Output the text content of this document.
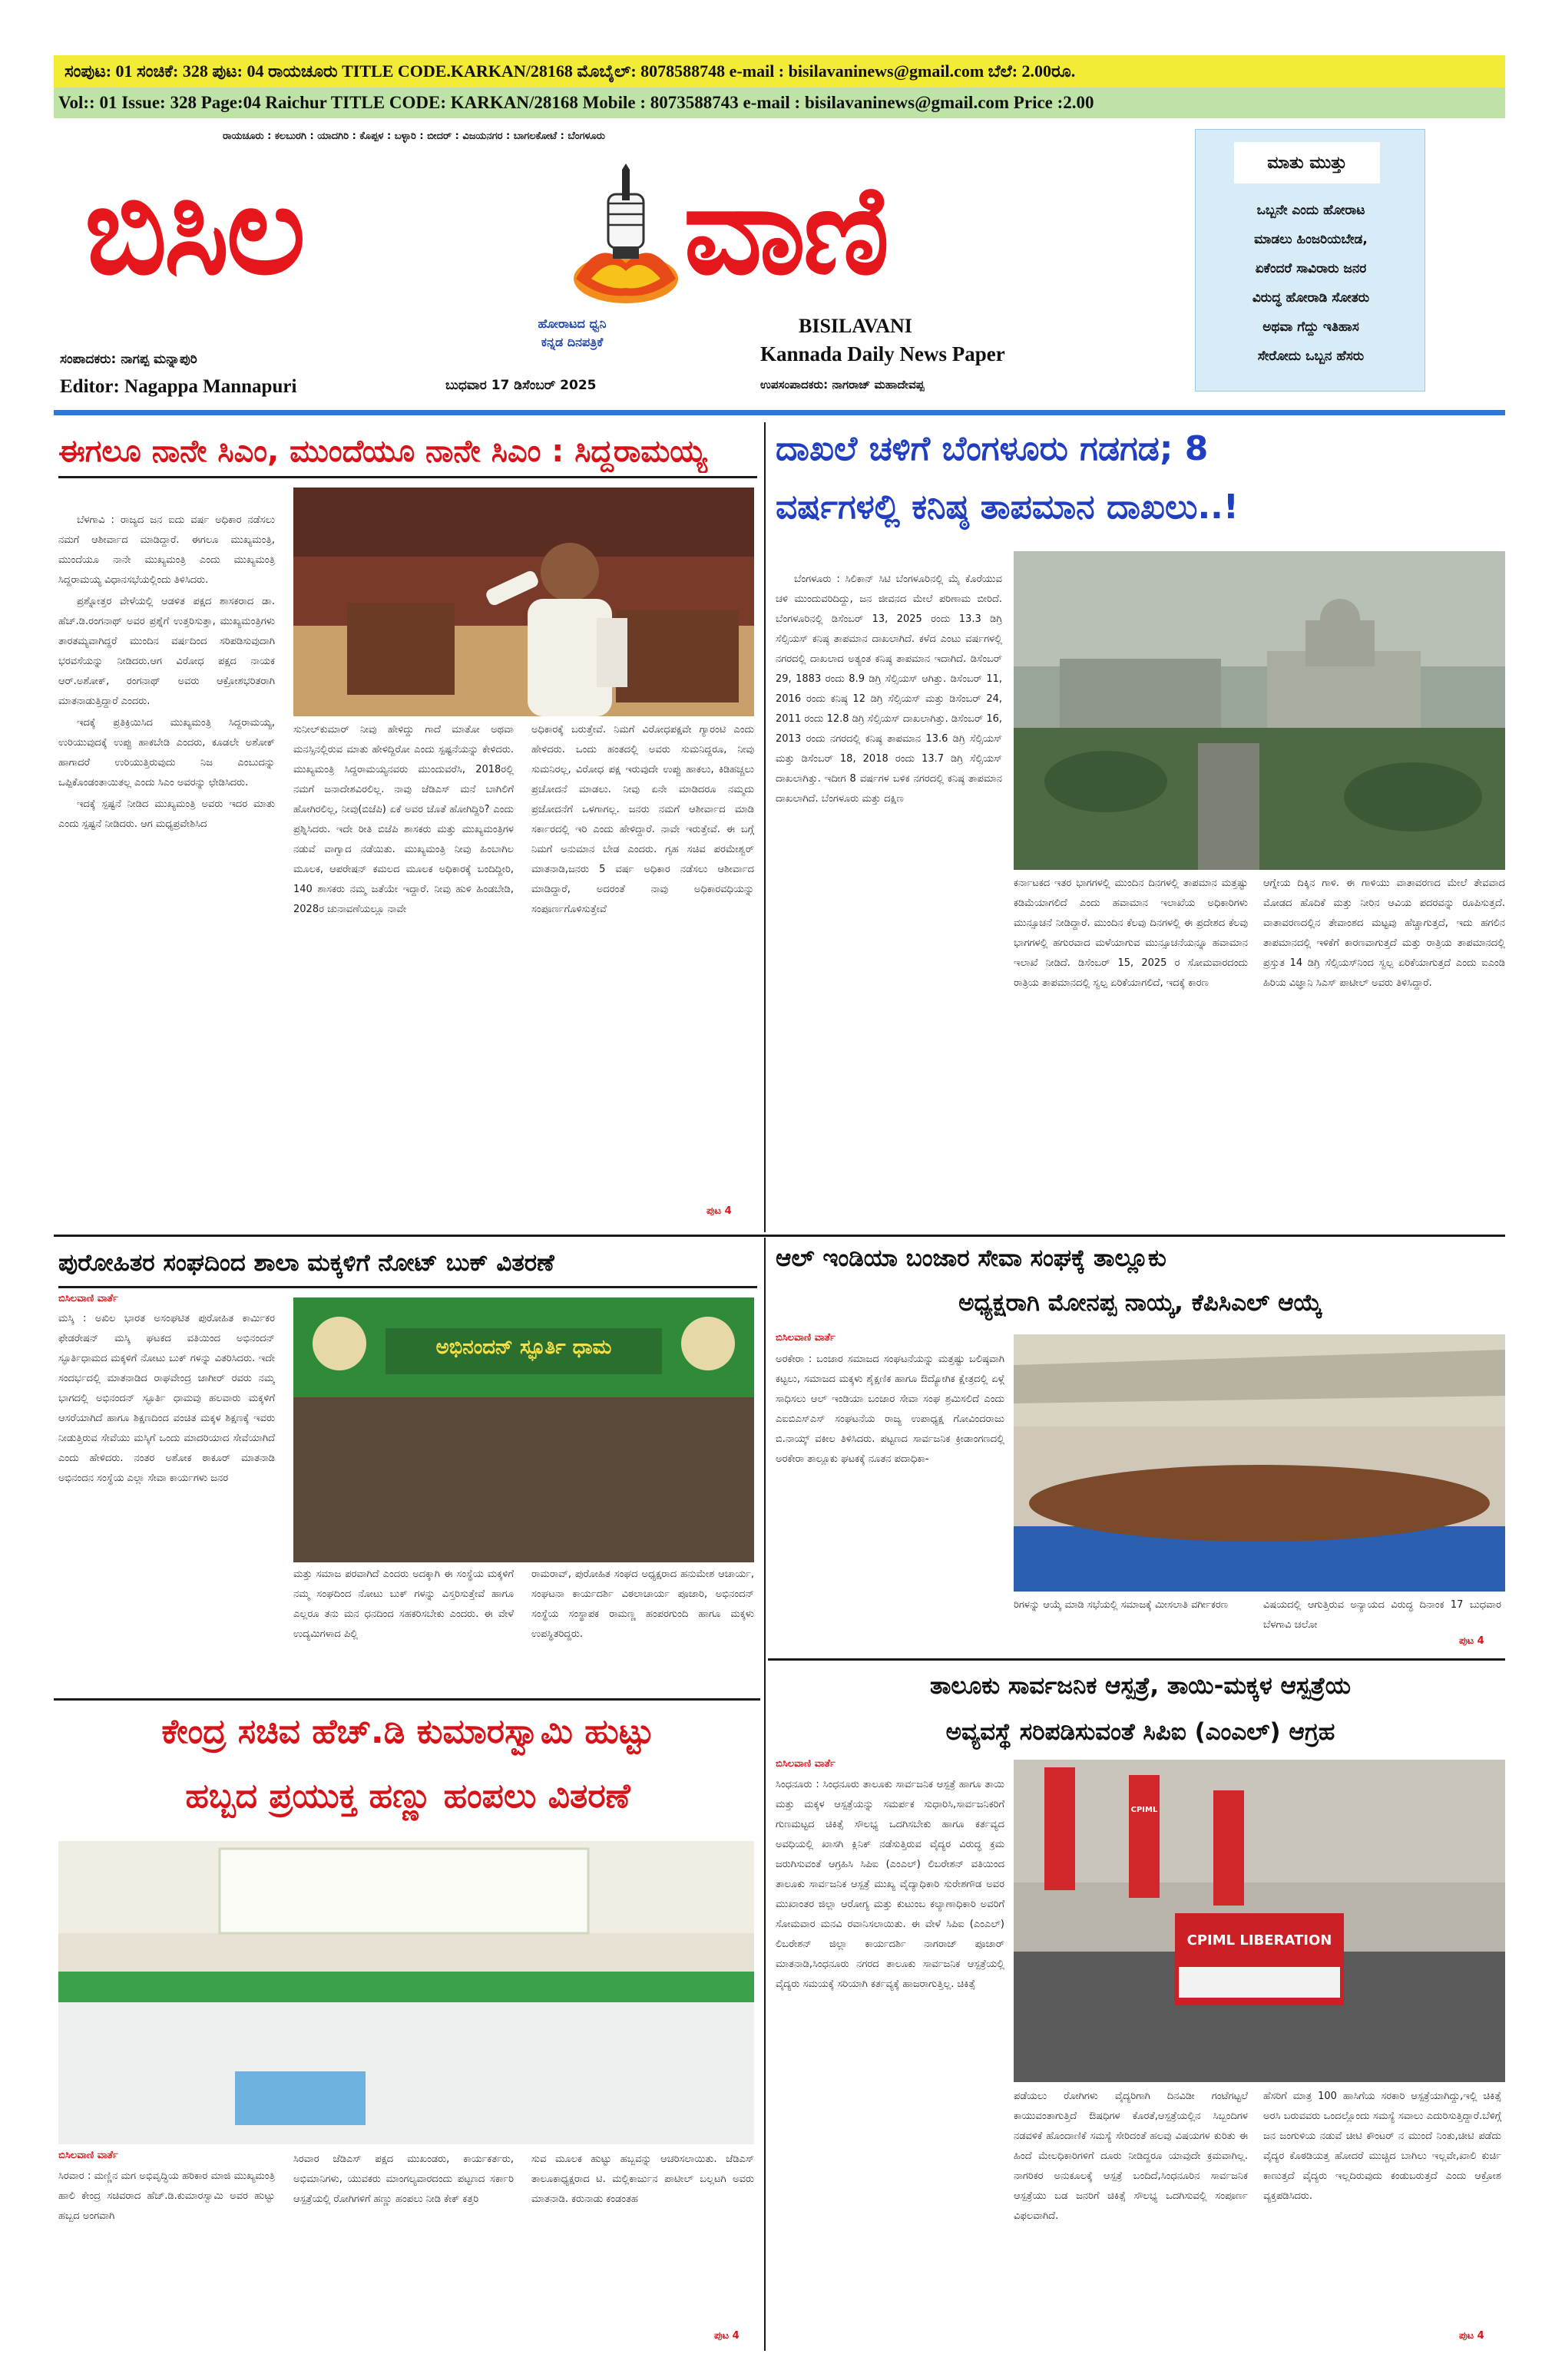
ಸಂಪುಟ: 01 ಸಂಚಿಕೆ: 328 ಪುಟ: 04 ರಾಯಚೂರು TITLE CODE.KARKAN/28168 ಮೊಬೈಲ್: 8078588748 e-mail : bisilavaninews@gmail.com ಬೆಲೆ: 2.00ರೂ.
Vol:: 01 Issue: 328 Page:04 Raichur TITLE CODE: KARKAN/28168 Mobile : 8073588743 e-mail : bisilavaninews@gmail.com Price :2.00
ರಾಯಚೂರು : ಕಲಬುರಗಿ : ಯಾದಗಿರಿ : ಕೊಪ್ಪಳ : ಬಳ್ಳಾರಿ : ಬೀದರ್ : ವಿಜಯನಗರ : ಬಾಗಲಕೋಟೆ : ಬೆಂಗಳೂರು
ಬಿಸಿಲ	ವಾಣಿ
ಹೋರಾಟದ ಧ್ವನಿ
ಕನ್ನಡ ದಿನಪತ್ರಿಕೆ
BISILAVANI
Kannada Daily News Paper
ಸಂಪಾದಕರು: ನಾಗಪ್ಪ ಮನ್ನಾಪುರಿ
Editor: Nagappa Mannapuri	ಬುಧವಾರ 17 ಡಿಸೆಂಬರ್ 2025	ಉಪಸಂಪಾದಕರು: ನಾಗರಾಜ್ ಮಹಾದೇವಪ್ಪ
ಮಾತು ಮುತ್ತು
ಒಬ್ಬನೇ ಎಂದು ಹೋರಾಟ
ಮಾಡಲು ಹಿಂಜರಿಯಬೇಡ,
ಏಕೆಂದರೆ ಸಾವಿರಾರು ಜನರ
ವಿರುದ್ಧ ಹೋರಾಡಿ ಸೋತರು
ಅಥವಾ ಗೆದ್ದು ಇತಿಹಾಸ
ಸೇರೋದು ಒಬ್ಬನ ಹೆಸರು
ಈಗಲೂ ನಾನೇ ಸಿಎಂ, ಮುಂದೆಯೂ ನಾನೇ ಸಿಎಂ : ಸಿದ್ದರಾಮಯ್ಯ

ಬೆಳಗಾವಿ : ರಾಜ್ಯದ ಜನ ಐದು ವರ್ಷ ಅಧಿಕಾರ ನಡೆಸಲು ನಮಗೆ ಆಶೀರ್ವಾದ ಮಾಡಿದ್ದಾರೆ. ಈಗಲೂ ಮುಖ್ಯಮಂತ್ರಿ, ಮುಂದೆಯೂ ನಾನೇ ಮುಖ್ಯಮಂತ್ರಿ ಎಂದು ಮುಖ್ಯಮಂತ್ರಿ ಸಿದ್ದರಾಮಯ್ಯ ವಿಧಾನಸಭೆಯಲ್ಲಿಂದು ತಿಳಿಸಿದರು.

ಪ್ರಶ್ನೋತ್ತರ ವೇಳೆಯಲ್ಲಿ ಆಡಳಿತ ಪಕ್ಷದ ಶಾಸಕರಾದ ಡಾ. ಹೆಚ್.ಡಿ.ರಂಗನಾಥ್ ಅವರ ಪ್ರಶ್ನೆಗೆ ಉತ್ತರಿಸುತ್ತಾ, ಮುಖ್ಯಮಂತ್ರಿಗಳು ತಾರತಮ್ಯವಾಗಿದ್ದರೆ ಮುಂದಿನ ವರ್ಷದಿಂದ ಸರಿಪಡಿಸುವುದಾಗಿ ಭರವಸೆಯನ್ನು ನೀಡಿದರು.ಆಗ ವಿರೋಧ ಪಕ್ಷದ ನಾಯಕ ಆರ್.ಅಶೋಕ್, ರಂಗನಾಥ್ ಅವರು ಆಕ್ರೋಶಭರಿತರಾಗಿ ಮಾತನಾಡುತ್ತಿದ್ದಾರೆ ಎಂದರು.

ಇದಕ್ಕೆ ಪ್ರತಿಕ್ರಿಯಿಸಿದ ಮುಖ್ಯಮಂತ್ರಿ ಸಿದ್ದರಾಮಯ್ಯ, ಉರಿಯುವುದಕ್ಕೆ ಉಪ್ಪು ಹಾಕಬೇಡಿ ಎಂದರು, ಕೂಡಲೇ ಅಶೋಕ್ ಹಾಗಾದರೆ ಉರಿಯುತ್ತಿರುವುದು ನಿಜ ಎಂಬುದನ್ನು ಒಪ್ಪಿಕೊಂಡಂತಾಯಿತಲ್ಲ ಎಂದು ಸಿಎಂ ಅವರನ್ನು ಛೇಡಿಸಿದರು.

ಇದಕ್ಕೆ ಸ್ಪಷ್ಟನೆ ನೀಡಿದ ಮುಖ್ಯಮಂತ್ರಿ ಅವರು ಇದರ ಮಾತು ಎಂದು ಸ್ಪಷ್ಟನೆ ನೀಡಿದರು. ಆಗ ಮಧ್ಯಪ್ರವೇಶಿಸಿದ

ಸುನೀಲ್‌ಕುಮಾರ್ ನೀವು ಹೇಳಿದ್ದು ಗಾದೆ ಮಾತೋ ಅಥವಾ ಮನಸ್ಸಿನಲ್ಲಿರುವ ಮಾತು ಹೇಳಿದ್ದಿರೋ ಎಂದು ಸ್ಪಷ್ಟನೆಯನ್ನು ಕೇಳಿದರು. ಮುಖ್ಯಮಂತ್ರಿ ಸಿದ್ದರಾಮಯ್ಯನವರು ಮುಂದುವರೆಸಿ, 2018ರಲ್ಲಿ ನಮಗೆ ಜನಾದೇಶವಿರಲಿಲ್ಲ. ನಾವು ಜೆಡಿಎಸ್ ಮನೆ ಬಾಗಿಲಿಗೆ ಹೋಗಿರಲಿಲ್ಲ, ನೀವು(ಬಿಜೆಪಿ) ಏಕೆ ಅವರ ಜೊತೆ ಹೋಗಿದ್ದಿರಿ? ಎಂದು ಪ್ರಶ್ನಿಸಿದರು. ಇದೇ ರೀತಿ ಬಿಜೆಪಿ ಶಾಸಕರು ಮತ್ತು ಮುಖ್ಯಮಂತ್ರಿಗಳ ನಡುವೆ ವಾಗ್ವಾದ ನಡೆಯಿತು. ಮುಖ್ಯಮಂತ್ರಿ ನೀವು ಹಿಂಬಾಗಿಲ ಮೂಲಕ, ಆಪರೇಷನ್ ಕಮಲದ ಮೂಲಕ ಅಧಿಕಾರಕ್ಕೆ ಬಂದಿದ್ದೀರಿ, 140 ಶಾಸಕರು ನಮ್ಮ ಜತೆಯೇ ಇದ್ದಾರೆ. ನೀವು ಹುಳಿ ಹಿಂಡಬೇಡಿ, 2028ರ ಚುನಾವಣೆಯಲ್ಲೂ ನಾವೇ

ಅಧಿಕಾರಕ್ಕೆ ಬರುತ್ತೇವೆ. ನಿಮಗೆ ವಿರೋಧಪಕ್ಷವೇ ಗ್ಯಾರಂಟಿ ಎಂದು ಹೇಳಿದರು. ಒಂದು ಹಂತದಲ್ಲಿ ಅವರು ಸುಮನಿದ್ದರೂ, ನೀವು ಸುಮನಿರಲ್ಲ, ವಿರೋಧ ಪಕ್ಷ ಇರುವುದೇ ಉಪ್ಪು ಹಾಕಲು, ಕಿಡಿಹಚ್ಚಲು ಪ್ರಚೋದನೆ ಮಾಡಲು. ನೀವು ಏನೇ ಮಾಡಿದರೂ ನಮ್ಮದು ಪ್ರಜೋದನೆಗೆ ಒಳಗಾಗಲ್ಲ. ಜನರು ನಮಗೆ ಆಶೀರ್ವಾದ ಮಾಡಿ ಸರ್ಕಾರದಲ್ಲಿ ಇರಿ ಎಂದು ಹೇಳಿದ್ದಾರೆ. ನಾವೇ ಇರುತ್ತೇವೆ. ಈ ಬಗ್ಗೆ ನಿಮಗೆ ಅನುಮಾನ ಬೇಡ ಎಂದರು. ಗೃಹ ಸಚಿವ ಪರಮೇಶ್ವರ್ ಮಾತನಾಡಿ,ಜನರು 5 ವರ್ಷ ಅಧಿಕಾರ ನಡೆಸಲು ಆಶೀರ್ವಾದ ಮಾಡಿದ್ದಾರೆ, ಅದರಂತೆ ನಾವು ಅಧಿಕಾರವಧಿಯನ್ನು ಸಂಪೂರ್ಣಗೊಳಿಸುತ್ತೇವೆ

ಪುಟ 4
ದಾಖಲೆ ಚಳಿಗೆ ಬೆಂಗಳೂರು ಗಡಗಡ; 8
ವರ್ಷಗಳಲ್ಲಿ ಕನಿಷ್ಠ ತಾಪಮಾನ ದಾಖಲು..!

ಬೆಂಗಳೂರು : ಸಿಲಿಕಾನ್ ಸಿಟಿ ಬೆಂಗಳೂರಿನಲ್ಲಿ ಮೈ ಕೊರೆಯುವ ಚಳಿ ಮುಂದುವರಿದಿದ್ದು, ಜನ ಜೀವನದ ಮೇಲೆ ಪರಿಣಾಮ ಬೀರಿದೆ. ಬೆಂಗಳೂರಿನಲ್ಲಿ ಡಿಸೆಂಬರ್ 13, 2025 ರಂದು 13.3 ಡಿಗ್ರಿ ಸೆಲ್ಸಿಯಸ್ ಕನಿಷ್ಠ ತಾಪಮಾನ ದಾಖಲಾಗಿದೆ. ಕಳೆದ ಎಂಟು ವರ್ಷಗಳಲ್ಲಿ ನಗರದಲ್ಲಿ ದಾಖಲಾದ ಅತ್ಯಂತ ಕನಿಷ್ಠ ತಾಪಮಾನ ಇದಾಗಿದೆ. ಡಿಸೆಂಬರ್ 29, 1883 ರಂದು 8.9 ಡಿಗ್ರಿ ಸೆಲ್ಸಿಯಸ್ ಆಗಿತ್ತು. ಡಿಸೆಂಬರ್ 11, 2016 ರಂದು ಕನಿಷ್ಠ 12 ಡಿಗ್ರಿ ಸೆಲ್ಸಿಯಸ್ ಮತ್ತು ಡಿಸೆಂಬರ್ 24, 2011 ರಂದು 12.8 ಡಿಗ್ರಿ ಸೆಲ್ಸಿಯಸ್ ದಾಖಲಾಗಿತ್ತು. ಡಿಸೆಂಬರ್ 16, 2013 ರಂದು ನಗರದಲ್ಲಿ ಕನಿಷ್ಠ ತಾಪಮಾನ 13.6 ಡಿಗ್ರಿ ಸೆಲ್ಸಿಯಸ್ ಮತ್ತು ಡಿಸೆಂಬರ್ 18, 2018 ರಂದು 13.7 ಡಿಗ್ರಿ ಸೆಲ್ಸಿಯಸ್ ದಾಖಲಾಗಿತ್ತು. ಇದೀಗ 8 ವರ್ಷಗಳ ಬಳಿಕ ನಗರದಲ್ಲಿ ಕನಿಷ್ಠ ತಾಪಮಾನ ದಾಖಲಾಗಿದೆ. ಬೆಂಗಳೂರು ಮತ್ತು ದಕ್ಷಿಣ

ಕರ್ನಾಟಕದ ಇತರ ಭಾಗಗಳಲ್ಲಿ ಮುಂದಿನ ದಿನಗಳಲ್ಲಿ ತಾಪಮಾನ ಮತ್ತಷ್ಟು ಕಡಿಮೆಯಾಗಲಿದೆ ಎಂದು ಹವಾಮಾನ ಇಲಾಖೆಯ ಅಧಿಕಾರಿಗಳು ಮುನ್ಸೂಚನೆ ನೀಡಿದ್ದಾರೆ. ಮುಂದಿನ ಕೆಲವು ದಿನಗಳಲ್ಲಿ ಈ ಪ್ರದೇಶದ ಕೆಲವು ಭಾಗಗಳಲ್ಲಿ ಹಗುರವಾದ ಮಳೆಯಾಗುವ ಮುನ್ಸೂಚನೆಯನ್ನೂ ಹವಾಮಾನ ಇಲಾಖೆ ನೀಡಿದೆ. ಡಿಸೆಂಬರ್ 15, 2025 ರ ಸೋಮವಾರದಂದು ರಾತ್ರಿಯ ತಾಪಮಾನದಲ್ಲಿ ಸ್ವಲ್ಪ ಏರಿಕೆಯಾಗಲಿದೆ, ಇದಕ್ಕೆ ಕಾರಣ

ಆಗ್ನೇಯ ದಿಕ್ಕಿನ ಗಾಳಿ. ಈ ಗಾಳಿಯು ವಾತಾವರಣದ ಮೇಲೆ ತೇವವಾದ ಮೋಡದ ಹೊದಿಕೆ ಮತ್ತು ನೀರಿನ ಆವಿಯ ಪದರವನ್ನು ರೂಪಿಸುತ್ತದೆ. ವಾತಾವರಣದಲ್ಲಿನ ತೇವಾಂಶದ ಮಟ್ಟವು ಹೆಚ್ಚಾಗುತ್ತದೆ, ಇದು ಹಗಲಿನ ತಾಪಮಾನದಲ್ಲಿ ಇಳಿಕೆಗೆ ಕಾರಣವಾಗುತ್ತದೆ ಮತ್ತು ರಾತ್ರಿಯ ತಾಪಮಾನದಲ್ಲಿ ಪ್ರಸ್ತುತ 14 ಡಿಗ್ರಿ ಸೆಲ್ಸಿಯಸ್‌ನಿಂದ ಸ್ವಲ್ಪ ಏರಿಕೆಯಾಗುತ್ತದೆ ಎಂದು ಐಎಂಡಿ ಹಿರಿಯ ವಿಜ್ಞಾನಿ ಸಿಎಸ್ ಪಾಟೀಲ್ ಅವರು ತಿಳಿಸಿದ್ದಾರೆ.

ಪುರೋಹಿತರ ಸಂಘದಿಂದ ಶಾಲಾ ಮಕ್ಕಳಿಗೆ ನೋಟ್ ಬುಕ್ ವಿತರಣೆ
ಬಿಸಿಲವಾಣಿ ವಾರ್ತೆ

ಮಸ್ಕಿ : ಅಖಿಲ ಭಾರತ ಅಸಂಘಟಿತ ಪುರೋಹಿತ ಕಾರ್ಮಿಕರ ಫೇಡರೇಷನ್ ಮಸ್ಕಿ ಘಟಕದ ವತಿಯಿಂದ ಅಭಿನಂದನ್ ಸ್ಫೂರ್ತಿಧಾಮದ ಮಕ್ಕಳಿಗೆ ನೋಟು ಬುಕ್ ಗಳನ್ನು ವಿತರಿಸಿದರು. ಇದೇ ಸಂದರ್ಭದಲ್ಲಿ ಮಾತನಾಡಿದ ರಾಘವೇಂದ್ರ ಜಾಗೀರ್ ರವರು ನಮ್ಮ ಭಾಗದಲ್ಲಿ ಅಭಿನಂದನ್ ಸ್ಫೂರ್ತಿ ಧಾಮವು ಹಲವಾರು ಮಕ್ಕಳಿಗೆ ಆಸರೆಯಾಗಿದೆ ಹಾಗೂ ಶಿಕ್ಷಣದಿಂದ ವಂಚಿತ ಮಕ್ಕಳ ಶಿಕ್ಷಣಕ್ಕೆ ಇವರು ನೀಡುತ್ತಿರುವ ಸೇವೆಯು ಮಸ್ಕಿಗೆ ಒಂದು ಮಾದರಿಯಾದ ಸೇವೆಯಾಗಿದೆ ಎಂದು ಹೇಳಿದರು. ನಂತರ ಅಶೋಕ ಠಾಕೂರ್ ಮಾತನಾಡಿ ಅಭಿನಂದನ ಸಂಸ್ಥೆಯ ಎಲ್ಲಾ ಸೇವಾ ಕಾರ್ಯಗಳು ಜನರ

ಅಭಿನಂದನ್ ಸ್ಫೂರ್ತಿ ಧಾಮ

ಮತ್ತು ಸಮಾಜ ಪರವಾಗಿದೆ ಎಂದರು ಅದಕ್ಕಾಗಿ ಈ ಸಂಸ್ಥೆಯ ಮಕ್ಕಳಿಗೆ ನಮ್ಮ ಸಂಘದಿಂದ ನೋಟು ಬುಕ್ ಗಳನ್ನು ವಿಸ್ತರಿಸುತ್ತೇವೆ ಹಾಗೂ ಎಲ್ಲರೂ ತನು ಮನ ಧನದಿಂದ ಸಹಕರಿಸಬೇಕು ಎಂದರು. ಈ ವೇಳೆ ಉದ್ಯಮಿಗಳಾದ ಪಿಲ್ಲಿ

ರಾಮರಾವ್, ಪುರೋಹಿತ ಸಂಘದ ಅಧ್ಯಕ್ಷರಾದ ಹನುಮೇಶ ಆಚಾರ್ಯ, ಸಂಘಟನಾ ಕಾರ್ಯದರ್ಶಿ ವಿಠಲಾಚಾರ್ಯ ಪೂಜಾರಿ, ಅಭಿನಂದನ್ ಸಂಸ್ಥೆಯ ಸಂಸ್ಥಾಪಕ ರಾಮಣ್ಣ ಹಂಪರಗುಂದಿ ಹಾಗೂ ಮಕ್ಕಳು ಉಪಸ್ಥಿತರಿದ್ದರು.

ಆಲ್ ಇಂಡಿಯಾ ಬಂಜಾರ ಸೇವಾ ಸಂಘಕ್ಕೆ ತಾಲ್ಲೂಕು
ಅಧ್ಯಕ್ಷರಾಗಿ ಮೋನಪ್ಪ ನಾಯ್ಕ, ಕೆಪಿಸಿಎಲ್ ಆಯ್ಕೆ
ಬಿಸಿಲವಾಣಿ ವಾರ್ತೆ

ಅರಕೇರಾ : ಬಂಜಾರ ಸಮಾಜದ ಸಂಘಟನೆಯನ್ನು ಮತ್ತಷ್ಟು ಬಲಿಷ್ಠವಾಗಿ ಕಟ್ಟಲು, ಸಮಾಜದ ಮಕ್ಕಳು ಶೈಕ್ಷಣಿಕ ಹಾಗೂ ಔದ್ಯೋಗಿಕ ಕ್ಷೇತ್ರದಲ್ಲಿ ಏಳ್ಗೆ ಸಾಧಿಸಲು ಆಲ್ ಇಂಡಿಯಾ ಬಂಜಾರ ಸೇವಾ ಸಂಘ ಶ್ರಮಿಸಲಿದೆ ಎಂದು ಎಐಬಿಎಸ್‌ಎಸ್ ಸಂಘಟನೆಯ ರಾಜ್ಯ ಉಪಾಧ್ಯಕ್ಷ ಗೋವಿಂದರಾಜು ಬಿ.ನಾಯ್ಕ್ ವಕೀಲ ತಿಳಿಸಿದರು. ಪಟ್ಟಣದ ಸಾರ್ವಜನಿಕ ಕ್ರೀಡಾಂಗಣದಲ್ಲಿ ಅರಕೇರಾ ತಾಲ್ಲೂಕು ಘಟಕಕ್ಕೆ ನೂತನ ಪದಾಧಿಕಾ-

ರಿಗಳನ್ನು ಆಯ್ಕೆ ಮಾಡಿ ಸಭೆಯಲ್ಲಿ ಸಮಾಜಕ್ಕೆ ಮೀಸಲಾತಿ ವರ್ಗೀಕರಣ	ವಿಷಯದಲ್ಲಿ ಆಗುತ್ತಿರುವ ಅನ್ಯಾಯದ ವಿರುದ್ಧ ದಿನಾಂಕ 17 ಬುಧವಾರ ಬೆಳಗಾವಿ ಚಲೋ

ಪುಟ 4
ತಾಲೂಕು ಸಾರ್ವಜನಿಕ ಆಸ್ಪತ್ರೆ, ತಾಯಿ-ಮಕ್ಕಳ ಆಸ್ಪತ್ರೆಯ
ಅವ್ಯವಸ್ಥೆ ಸರಿಪಡಿಸುವಂತೆ ಸಿಪಿಐ (ಎಂಎಲ್) ಆಗ್ರಹ
ಬಿಸಿಲವಾಣಿ ವಾರ್ತೆ

ಸಿಂಧನೂರು : ಸಿಂಧನೂರು ತಾಲೂಕು ಸಾರ್ವಜನಿಕ ಆಸ್ಪತ್ರೆ ಹಾಗೂ ತಾಯಿ ಮತ್ತು ಮಕ್ಕಳ ಆಸ್ಪತ್ರೆಯನ್ನು ಸಮರ್ಪಕ ಸುಧಾರಿಸಿ,ಸಾರ್ವಜನಿಕರಿಗೆ ಗುಣಮಟ್ಟದ ಚಿಕಿತ್ಸೆ ಸೌಲಭ್ಯ ಒದಗಿಸಬೇಕು ಹಾಗೂ ಕರ್ತವ್ಯದ ಅವಧಿಯಲ್ಲಿ ಖಾಸಗಿ ಕ್ಲಿನಿಕ್ ನಡೆಸುತ್ತಿರುವ ವೈದ್ಯರ ವಿರುದ್ಧ ಕ್ರಮ ಜರುಗಿಸುವಂತೆ ಆಗ್ರಹಿಸಿ ಸಿಪಿಐ (ಎಂಎಲ್) ಲಿಬರೇಶನ್ ವತಿಯಿಂದ ತಾಲೂಕು ಸಾರ್ವಜನಿಕ ಆಸ್ಪತ್ರೆ ಮುಖ್ಯ ವೈದ್ಯಾಧಿಕಾರಿ ಸುರೇಶಗೌಡ ಅವರ ಮುಖಾಂತರ ಜಿಲ್ಲಾ ಆರೋಗ್ಯ ಮತ್ತು ಕುಟುಂಬ ಕಲ್ಯಾಣಾಧಿಕಾರಿ ಅವರಿಗೆ ಸೋಮವಾರ ಮನವಿ ರವಾನಿಸಲಾಯಿತು. ಈ ವೇಳೆ ಸಿಪಿಐ (ಎಂಎಲ್) ಲಿಬರೇಶನ್ ಜಿಲ್ಲಾ ಕಾರ್ಯದರ್ಶಿ ನಾಗರಾಜ್ ಪೂಜಾರ್ ಮಾತನಾಡಿ,ಸಿಂಧನೂರು ನಗರದ ತಾಲೂಕು ಸಾರ್ವಜನಿಕ ಆಸ್ಪತ್ರೆಯಲ್ಲಿ ವೈದ್ಯರು ಸಮಯಕ್ಕೆ ಸರಿಯಾಗಿ ಕರ್ತವ್ಯಕ್ಕೆ ಹಾಜರಾಗುತ್ತಿಲ್ಲ. ಚಿಕಿತ್ಸೆ

CPIML LIBERATION
CPIML

ಪಡೆಯಲು ರೋಗಿಗಳು ವೈದ್ಯರಿಗಾಗಿ ದಿನವಿಡೀ ಗಂಟೆಗಟ್ಟಲೆ ಕಾಯುವಂತಾಗುತ್ತಿದೆ ಔಷಧಿಗಳ ಕೊರತೆ,ಆಸ್ಪತ್ರೆಯಲ್ಲಿನ ಸಿಬ್ಬಂದಿಗಳ ನಡವಳಿಕೆ ಹೊಂದಾಣಿಕೆ ಸಮಸ್ಯೆ ಸೇರಿದಂತೆ ಹಲವು ವಿಷಯಗಳ ಕುರಿತು ಈ ಹಿಂದೆ ಮೇಲಧಿಕಾರಿಗಳಿಗೆ ದೂರು ನೀಡಿದ್ದರೂ ಯಾವುದೇ ಕ್ರಮವಾಗಿಲ್ಲ. ನಾಗರಿಕರ ಅನುಕೂಲಕ್ಕೆ ಆಸ್ಪತ್ರೆ ಬಂದಿದೆ,ಸಿಂಧನೂರಿನ ಸಾರ್ವಜನಿಕ ಆಸ್ಪತ್ರೆಯು ಬಡ ಜನರಿಗೆ ಚಿಕಿತ್ಸೆ ಸೌಲಭ್ಯ ಒದಗಿಸುವಲ್ಲಿ ಸಂಪೂರ್ಣ ವಿಫಲವಾಗಿದೆ.

ಹೆಸರಿಗೆ ಮಾತ್ರ 100 ಹಾಸಿಗೆಯ ಸರಕಾರಿ ಆಸ್ಪತ್ರೆಯಾಗಿದ್ದು,ಇಲ್ಲಿ ಚಿಕಿತ್ಸೆ ಅರಸಿ ಬರುವವರು ಒಂದಲ್ಲೊಂದು ಸಮಸ್ಯೆ ಸವಾಲು ಎದುರಿಸುತ್ತಿದ್ದಾರೆ.ಬೆಳಿಗ್ಗೆ ಜನ ಜಂಗುಳಿಯ ನಡುವೆ ಚೀಟಿ ಕೌಂಟರ್ ನ ಮುಂದೆ ನಿಂತು,ಚೀಟಿ ಪಡೆದು ವೈದ್ಯರ ಕೊಠಡಿಯತ್ತ ಹೋದರೆ ಮುಚ್ಚಿದ ಬಾಗಿಲು ಇಲ್ಲವೇ,ಖಾಲಿ ಕುರ್ಚಿ ಕಾಣುತ್ತದೆ ವೈದ್ಯರು ಇಲ್ಲದಿರುವುದು ಕಂಡುಬರುತ್ತದೆ ಎಂದು ಆಕ್ರೋಶ ವ್ಯಕ್ತಪಡಿಸಿದರು.

ಪುಟ 4
ಕೇಂದ್ರ ಸಚಿವ ಹೆಚ್.ಡಿ ಕುಮಾರಸ್ವಾಮಿ ಹುಟ್ಟು
ಹಬ್ಬದ ಪ್ರಯುಕ್ತ ಹಣ್ಣು ಹಂಪಲು ವಿತರಣೆ
ಬಿಸಿಲವಾಣಿ ವಾರ್ತೆ

ಸಿರವಾರ : ಮಣ್ಣಿನ ಮಗ ಅಭಿವೃದ್ಧಿಯ ಹರಿಕಾರ ಮಾಜಿ ಮುಖ್ಯಮಂತ್ರಿ ಹಾಲಿ ಕೇಂದ್ರ ಸಚಿವರಾದ ಹೆಚ್.ಡಿ.ಕುಮಾರಸ್ವಾಮಿ ಅವರ ಹುಟ್ಟು ಹಬ್ಬದ ಅಂಗವಾಗಿ

ಸಿರವಾರ ಜೆಡಿಎಸ್ ಪಕ್ಷದ ಮುಖಂಡರು, ಕಾರ್ಯಕರ್ತರು, ಅಭಿಮಾನಿಗಳು, ಯುವಕರು ಮಾಂಗಲ್ಯವಾರದಂದು ಪಟ್ಟಣದ ಸರ್ಕಾರಿ ಆಸ್ಪತ್ರೆಯಲ್ಲಿ ರೋಗಿಗಳಿಗೆ ಹಣ್ಣು ಹಂಪಲು ನೀಡಿ ಕೇಕ್ ಕತ್ತರಿ

ಸುವ ಮೂಲಕ ಹುಟ್ಟು ಹಬ್ಬವನ್ನು ಆಚರಿಸಲಾಯಿತು. ಜೆಡಿಎಸ್ ತಾಲೂಕಾಧ್ಯಕ್ಷರಾದ ಟಿ. ಮಲ್ಲಿಕಾರ್ಜುನ ಪಾಟೀಲ್ ಬಲ್ಲಟಗಿ ಅವರು ಮಾತನಾಡಿ. ಕರುನಾಡು ಕಂಡಂತಹ

ಪುಟ 4
